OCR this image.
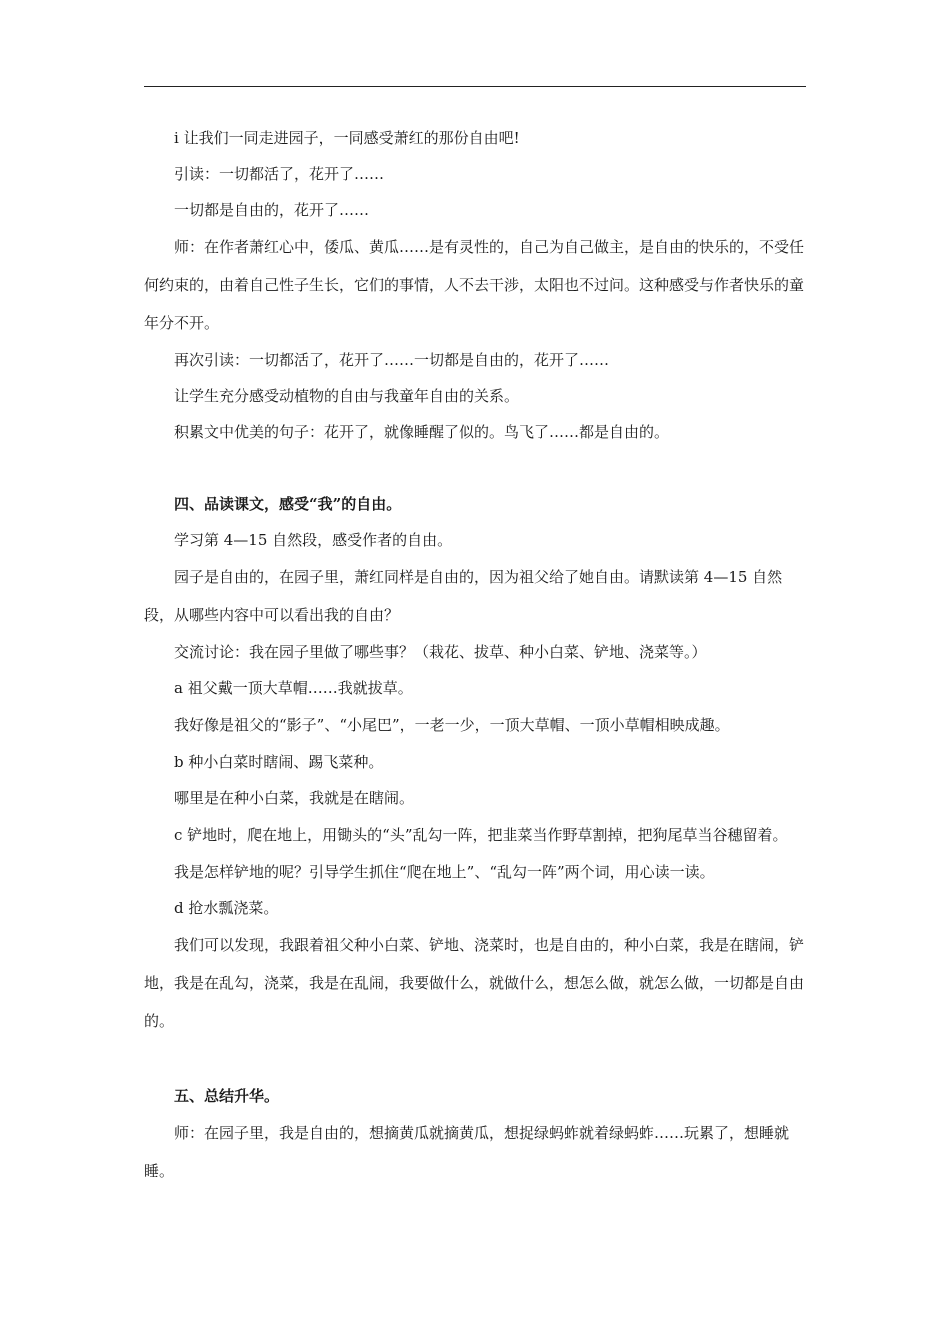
i 让我们一同走进园子，一同感受萧红的那份自由吧!

引读：一切都活了，花开了……

一切都是自由的，花开了……

师：在作者萧红心中，倭瓜、黄瓜……是有灵性的，自己为自己做主，是自由的快乐的，不受任何约束的，由着自己性子生长，它们的事情，人不去干涉，太阳也不过问。这种感受与作者快乐的童年分不开。

再次引读：一切都活了，花开了……一切都是自由的，花开了……

让学生充分感受动植物的自由与我童年自由的关系。

积累文中优美的句子：花开了，就像睡醒了似的。鸟飞了……都是自由的。

四、品读课文，感受“我”的自由。

学习第 4—15 自然段，感受作者的自由。

园子是自由的，在园子里，萧红同样是自由的，因为祖父给了她自由。请默读第 4—15 自然段，从哪些内容中可以看出我的自由？

交流讨论：我在园子里做了哪些事？（栽花、拔草、种小白菜、铲地、浇菜等。）

a 祖父戴一顶大草帽……我就拔草。

我好像是祖父的“影子”、“小尾巴”，一老一少，一顶大草帽、一顶小草帽相映成趣。

b 种小白菜时瞎闹、踢飞菜种。

哪里是在种小白菜，我就是在瞎闹。

c 铲地时，爬在地上，用锄头的“头”乱勾一阵，把韭菜当作野草割掉，把狗尾草当谷穗留着。

我是怎样铲地的呢？引导学生抓住“爬在地上”、“乱勾一阵”两个词，用心读一读。

d 抢水瓢浇菜。

我们可以发现，我跟着祖父种小白菜、铲地、浇菜时，也是自由的，种小白菜，我是在瞎闹，铲地，我是在乱勾，浇菜，我是在乱闹，我要做什么，就做什么，想怎么做，就怎么做，一切都是自由的。

五、总结升华。

师：在园子里，我是自由的，想摘黄瓜就摘黄瓜，想捉绿蚂蚱就着绿蚂蚱……玩累了，想睡就睡。
